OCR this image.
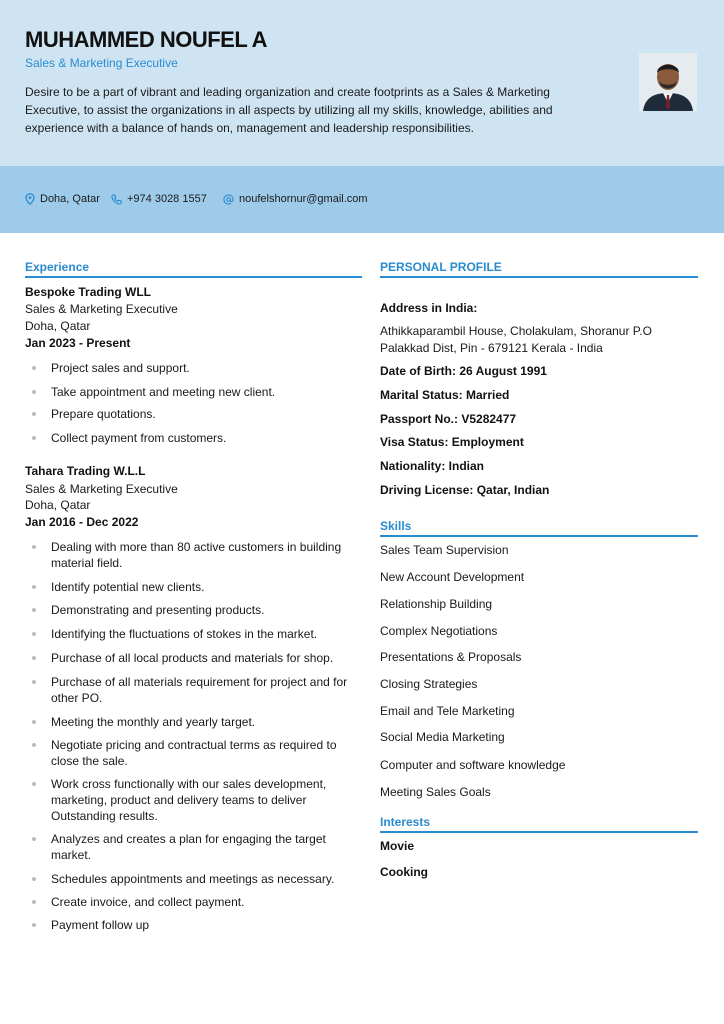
MUHAMMED NOUFEL A
Sales & Marketing Executive

Desire to be a part of vibrant and leading organization and create footprints as a Sales & Marketing Executive, to assist the organizations in all aspects by utilizing all my skills, knowledge, abilities and experience with a balance of hands on, management and leadership responsibilities.

Doha, Qatar +974 3028 1557	noufelshornur@gmail.com
Experience
Bespoke Trading WLL
Sales & Marketing Executive
Doha, Qatar
Jan 2023 - Present
Project sales and support.
Take appointment and meeting new client.
Prepare quotations.
Collect payment from customers.
Tahara Trading W.L.L
Sales & Marketing Executive
Doha, Qatar
Jan 2016 - Dec 2022
Dealing with more than 80 active customers in building material field.
Identify potential new clients.
Demonstrating and presenting products.
Identifying the fluctuations of stokes in the market.
Purchase of all local products and materials for shop.
Purchase of all materials requirement for project and for other PO.
Meeting the monthly and yearly target.
Negotiate pricing and contractual terms as required to close the sale.
Work cross functionally with our sales development, marketing, product and delivery teams to deliver Outstanding results.
Analyzes and creates a plan for engaging the target market.
Schedules appointments and meetings as necessary.
Create invoice, and collect payment.
Payment follow up
PERSONAL PROFILE
Address in India:
Athikkaparambil House, Cholakulam, Shoranur P.O
Palakkad Dist, Pin - 679121 Kerala - India
Date of Birth: 26 August 1991
Marital Status: Married
Passport No.: V5282477
Visa Status: Employment
Nationality: Indian
Driving License: Qatar, Indian
Skills
Sales Team Supervision
New Account Development
Relationship Building
Complex Negotiations
Presentations & Proposals
Closing Strategies
Email and Tele Marketing
Social Media Marketing
Computer and software knowledge
Meeting Sales Goals
Interests
Movie
Cooking
